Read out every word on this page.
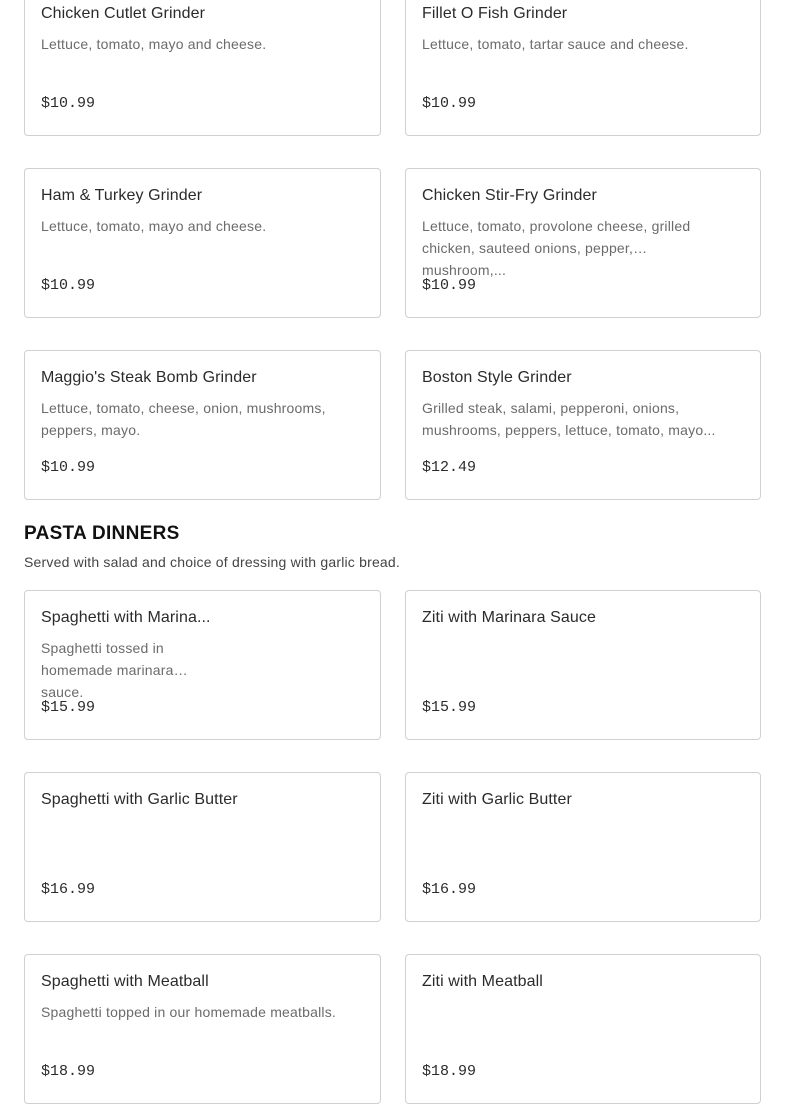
Chicken Cutlet Grinder
Lettuce, tomato, mayo and cheese.
$10.99
Fillet O Fish Grinder
Lettuce, tomato, tartar sauce and cheese.
$10.99
Ham & Turkey Grinder
Lettuce, tomato, mayo and cheese.
$10.99
Chicken Stir-Fry Grinder
Lettuce, tomato, provolone cheese, grilled chicken, sauteed onions, pepper, mushroom,...
$10.99
Maggio's Steak Bomb Grinder
Lettuce, tomato, cheese, onion, mushrooms, peppers, mayo.
$10.99
Boston Style Grinder
Grilled steak, salami, pepperoni, onions, mushrooms, peppers, lettuce, tomato, mayo...
$12.49
PASTA DINNERS

Served with salad and choice of dressing with garlic bread.

Spaghetti with Marina...
Spaghetti tossed in homemade marinara sauce.
$15.99
Ziti with Marinara Sauce
$15.99
Spaghetti with Garlic Butter
$16.99
Ziti with Garlic Butter
$16.99
Spaghetti with Meatball
Spaghetti topped in our homemade meatballs.
$18.99
Ziti with Meatball
$18.99
